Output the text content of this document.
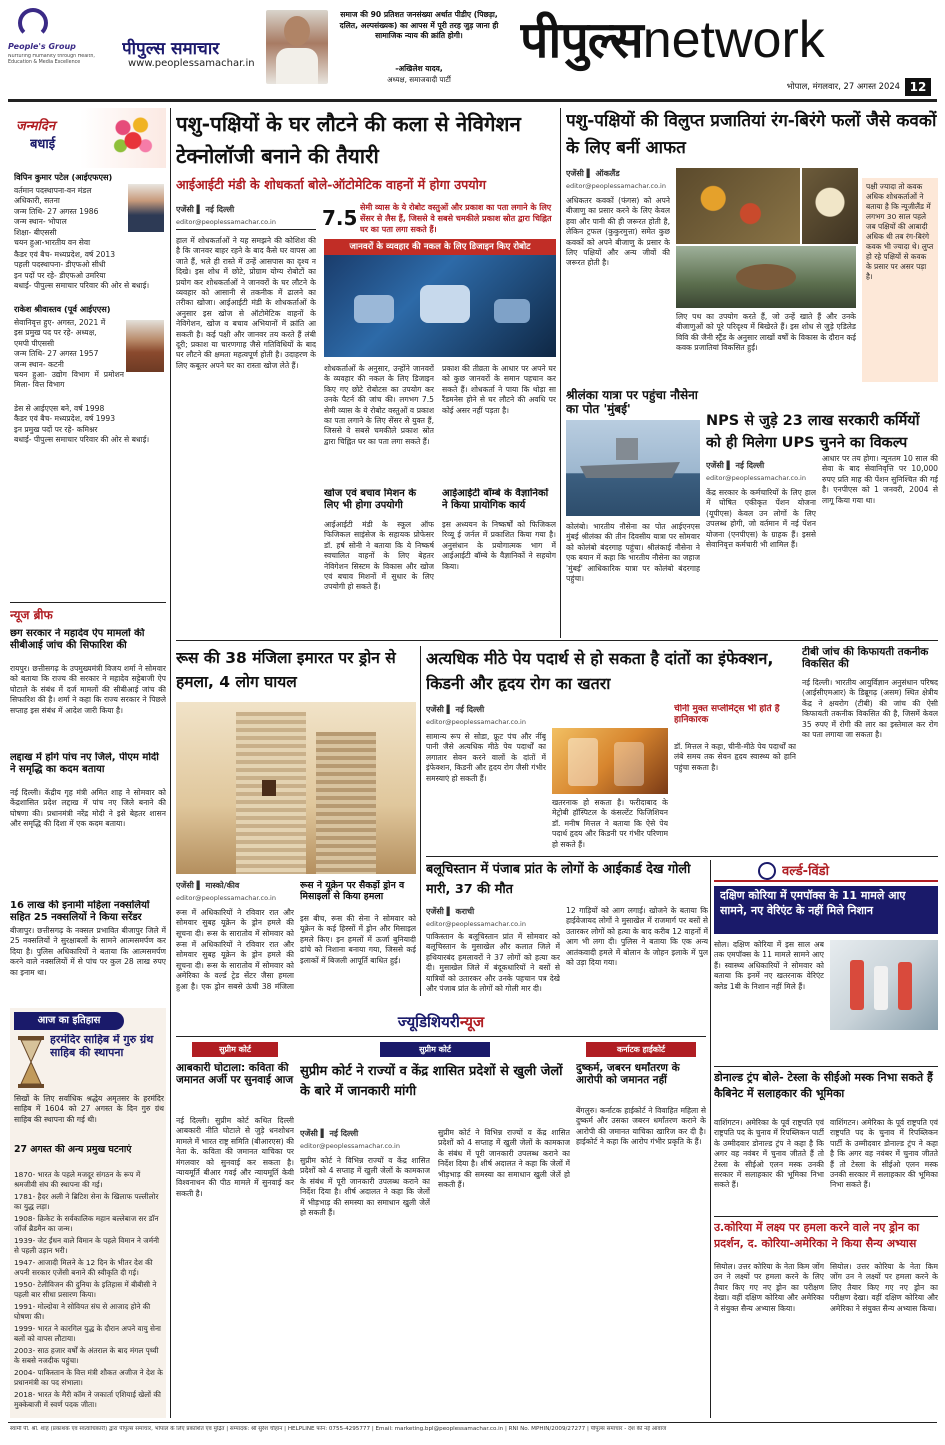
People's Group
Nurturing Humanity through Health, Education & Media Excellence
पीपुल्स समाचार
www.peoplessamachar.in
समाज की 90 प्रतिशत जनसंख्या अर्थात पीडीए (पिछड़ा, दलित, अल्पसंख्यक) का आपस में पूरी तरह जुड़ जाना ही सामाजिक न्याय की क्रांति होगी।
-अखिलेश यादव,
अध्यक्ष, समाजवादी पार्टी
पीपुल्सnetwork
भोपाल, मंगलवार, 27 अगस्त 2024 12
जन्मदिन
बधाई
विपिन कुमार पटेल (आईएफएस)
वर्तमान पदस्थापना-वन मंडल
अधिकारी, सतना
जन्म तिथि- 27 अगस्त 1986
जन्म स्थान- भोपाल
शिक्षा- बीएससी
चयन हुआ-भारतीय वन सेवा
कैडर एवं बैच- मध्यप्रदेश, वर्ष 2013
पहली पदस्थापना- डीएफओ सीधी
इन पदों पर रहे- डीएफओ उमरिया
बधाई- पीपुल्स समाचार परिवार की ओर से बधाई।
राकेश श्रीवास्तव (पूर्व आईएएस)
सेवानिवृत्त हुए- अगस्त, 2021 में
इस प्रमुख पद पर रहे- अध्यक्ष,
एमपी पीएससी
जन्म तिथि- 27 अगस्त 1957
जन्म स्थान- कटनी
चयन हुआ- उद्योग विभाग में प्रमोशन मिला- वित्त विभाग
डेस से आईएएस बने, वर्ष 1998
कैडर एवं बैच- मध्यप्रदेश, वर्ष 1993
इन प्रमुख पदों पर रहे- कमिश्नर
बधाई- पीपुल्स समाचार परिवार की ओर से बधाई।
न्यूज ब्रीफ
छग सरकार ने महादेव ऐप मामलों की सीबीआई जांच की सिफारिश की
रायपुर। छत्तीसगढ़ के उपमुख्यमंत्री विजय शर्मा ने सोमवार को बताया कि राज्य की सरकार ने महादेव सट्टेबाजी ऐप घोटाले के संबंध में दर्ज मामलों की सीबीआई जांच की सिफारिश की है। शर्मा ने कहा कि राज्य सरकार ने पिछले सप्ताह इस संबंध में आदेश जारी किया है।
लद्दाख में होंगे पांच नए जिले, पीएम मोदी ने समृद्धि का कदम बताया
नई दिल्ली। केंद्रीय गृह मंत्री अमित शाह ने सोमवार को केंद्रशासित प्रदेश लद्दाख में पांच नए जिले बनाने की घोषणा की। प्रधानमंत्री नरेंद्र मोदी ने इसे बेहतर शासन और समृद्धि की दिशा में एक कदम बताया।
16 लाख की इनामी महिला नक्सलियों सहित 25 नक्सलियों ने किया सरेंडर
बीजापुर। छत्तीसगढ़ के नक्सल प्रभावित बीजापुर जिले में 25 नक्सलियों ने सुरक्षाबलों के सामने आत्मसमर्पण कर दिया है। पुलिस अधिकारियों ने बताया कि आत्मसमर्पण करने वाले नक्सलियों में से पांच पर कुल 28 लाख रुपए का इनाम था।
आज का इतिहास
हरमंदिर साहिब में गुरु ग्रंथ साहिब की स्थापना
सिखों के लिए सर्वाधिक श्रद्धेय अमृतसर के हरमंदिर साहिब में 1604 को 27 अगस्त के दिन गुरु ग्रंथ साहिब की स्थापना की गई थी।
27 अगस्त की अन्य प्रमुख घटनाएं
1870- भारत के पहले मजदूर संगठन के रूप में श्रमजीवी संघ की स्थापना की गई।
1781- हैदर अली ने ब्रिटिश सेना के खिलाफ पल्लीलोर का युद्ध लड़ा।
1908- क्रिकेट के सर्वकालिक महान बल्लेबाज सर डॉन जॉर्ज ब्रैडमैन का जन्म।
1939- जेट ईंधन वाले विमान के पहले विमान ने जर्मनी से पहली उड़ान भरी।
1947- आजादी मिलने के 12 दिन के भीतर देश की अपनी सरकार एजेंसी बनाने की स्वीकृति दी गई।
1950- टेलीविजन की दुनिया के इतिहास में बीबीसी ने पहली बार सीधा प्रसारण किया।
1991- मोल्दोवा ने सोवियत संघ से आजाद होने की घोषणा की।
1999- भारत ने कारगिल युद्ध के दौरान अपने वायु सेना बलों को वापस लौटाया।
2003- साठ हजार वर्षों के अंतराल के बाद मंगल पृथ्वी के सबसे नजदीक पहुंचा।
2004- पाकिस्तान के वित्त मंत्री शौकत अजीज ने देश के प्रधानमंत्री का पद संभाला।
2018- भारत के मैरी कॉम ने जकार्ता एशियाई खेलों की मुक्केबाजी में स्वर्ण पदक जीता।
पशु-पक्षियों के घर लौटने की कला से नेविगेशन टेक्नोलॉजी बनाने की तैयारी
आईआईटी मंडी के शोधकर्ता बोले-ऑटोमेटिक वाहनों में होगा उपयोग
एजेंसी ▌ नई दिल्ली
editor@peoplessamachar.co.in	7.5 सेमी व्यास के ये रोबोट वस्तुओं और प्रकाश का पता लगाने के लिए सेंसर से लैस हैं, जिससे वे सबसे चमकीले प्रकाश स्रोत द्वारा चिह्नित घर का पता लगा सकते हैं।
जानवरों के व्यवहार की नकल के लिए डिजाइन किए रोबोट
हाल में शोधकर्ताओं ने यह समझने की कोशिश की है कि जानवर बाहर रहने के बाद कैसे घर वापस आ जाते हैं, भले ही रास्ते में उन्हें आसपास का दृश्य न दिखे। इस शोध में छोटे, प्रोग्राम योग्य रोबोटों का प्रयोग कर शोधकर्ताओं ने जानवरों के घर लौटने के व्यवहार को आसानी से तकनीक में ढालने का तरीका खोजा। आईआईटी मंडी के शोधकर्ताओं के अनुसार इस खोज से ऑटोमेटिक वाहनों के नेविगेशन, खोज व बचाव अभियानों में क्रांति आ सकती है। कई पक्षी और जानवर तय करते हैं लंबी दूरी; प्रकाश या चारणगाह जैसे गतिविधियों के बाद घर लौटने की क्षमता महत्वपूर्ण होती है। उदाहरण के लिए कबूतर अपने घर का रास्ता खोज लेते हैं।	शोधकर्ताओं के अनुसार, उन्होंने जानवरों के व्यवहार की नकल के लिए डिजाइन किए गए छोटे रोबोटस का उपयोग कर उनके पैटर्न की जांच की। लगभग 7.5 सेमी व्यास के ये रोबोट वस्तुओं व प्रकाश का पता लगाने के लिए सेंसर से युक्त हैं, जिससे वे सबसे चमकीले प्रकाश स्रोत द्वारा चिह्नित घर का पता लगा सकते हैं।
प्रकाश की तीव्रता के आधार पर अपने घर को कुछ जानवरों के समान पहचान कर सकते हैं। शोधकर्ता ने पाया कि थोड़ा सा रैंडमनेस होने से घर लौटने की अवधि पर कोई असर नहीं पड़ता है।
खोज एवं बचाव मिशन के लिए भी होगा उपयोगी
आईआईटी मंडी के स्कूल ऑफ फिजिकल साइंसेज के सहायक प्रोफेसर डॉ. हर्ष सोनी ने बताया कि ये निष्कर्ष स्वचालित वाहनों के लिए बेहतर नेविगेशन सिस्टम के विकास और खोज एवं बचाव मिशनों में सुधार के लिए उपयोगी हो सकते हैं।
आईआईटी बॉम्बे के वैज्ञानिकों ने किया प्रायोगिक कार्य
इस अध्ययन के निष्कर्षों को फिजिकल रिव्यू ई जर्नल में प्रकाशित किया गया है। अनुसंधान के प्रयोगात्मक भाग में आईआईटी बॉम्बे के वैज्ञानिकों ने सहयोग किया।
पशु-पक्षियों की विलुप्त प्रजातियां रंग-बिरंगे फलों जैसे कवकों के लिए बनीं आफत
एजेंसी ▌ ऑकलैंड
editor@peoplessamachar.co.in
अधिकतर कवकों (फंगस) को अपने बीजाणु का प्रसार करने के लिए केवल हवा और पानी की ही जरूरत होती है, लेकिन ट्रफल (कुकुरमुत्ता) समेत कुछ कवकों को अपने बीजाणु के प्रसार के लिए पक्षियों और अन्य जीवों की जरूरत होती है।
लिए पथ का उपयोग करते हैं, जो उन्हें खाते हैं और उनके बीजाणुओं को पूरे परिदृश्य में बिखेरते हैं। इस शोध से जुड़े एडिलेड विवि की जैनी स्ट्रैंड के अनुसार लाखों वर्षों के विकास के दौरान कई कवक प्रजातियां विकसित हुईं।
पक्षी ज्यादा तो कवक अधिक शोधकर्ताओं ने बताया है कि न्यूजीलैंड में लगभग 30 साल पहले जब पक्षियों की आबादी अधिक थी तब रंग-बिरंगे कवक भी ज्यादा थे। लुप्त हो रहे पक्षियों से कवक के प्रसार पर असर पड़ा है।
श्रीलंका यात्रा पर पहुंचा नौसेना का पोत 'मुंबई'
कोलंबो। भारतीय नौसेना का पोत आईएनएस मुंबई श्रीलंका की तीन दिवसीय यात्रा पर सोमवार को कोलंबो बंदरगाह पहुंचा। श्रीलंकाई नौसेना ने एक बयान में कहा कि भारतीय नौसेना का जहाज 'मुंबई' आधिकारिक यात्रा पर कोलंबो बंदरगाह पहुंचा।
NPS से जुड़े 23 लाख सरकारी कर्मियों को ही मिलेगा UPS चुनने का विकल्प
एजेंसी ▌ नई दिल्ली
editor@peoplessamachar.co.in
केंद्र सरकार के कर्मचारियों के लिए हाल में घोषित एकीकृत पेंशन योजना (यूपीएस) केवल उन लोगों के लिए उपलब्ध होगी, जो वर्तमान में नई पेंशन योजना (एनपीएस) के ग्राहक हैं। इससे सेवानिवृत्त कर्मचारी भी शामिल हैं।
आधार पर तय होगा। न्यूनतम 10 साल की सेवा के बाद सेवानिवृत्ति पर 10,000 रुपए प्रति माह की पेंशन सुनिश्चित की गई है। एनपीएस को 1 जनवरी, 2004 से लागू किया गया था।
रूस की 38 मंजिला इमारत पर ड्रोन से हमला, 4 लोग घायल
एजेंसी ▌ मास्को/कीव
editor@peoplessamachar.co.in
रूस में अधिकारियों ने रविवार रात और सोमवार सुबह यूक्रेन के ड्रोन हमले की सूचना दी। रूस के सारातोव में सोमवार को
रूस में अधिकारियों ने रविवार रात और सोमवार सुबह यूक्रेन के ड्रोन हमले की सूचना दी। रूस के सारातोव में सोमवार को अमेरिका के वर्ल्ड ट्रेड सेंटर जैसा हमला हुआ है। एक ड्रोन सबसे ऊंची 38 मंजिला
रूस ने यूक्रेन पर सैकड़ों ड्रोन व मिसाइलों से किया हमला
इस बीच, रूस की सेना ने सोमवार को यूक्रेन के कई हिस्सों में ड्रोन और मिसाइल हमले किए। इन हमलों में ऊर्जा बुनियादी ढांचे को निशाना बनाया गया, जिससे कई इलाकों में बिजली आपूर्ति बाधित हुई।
अत्यधिक मीठे पेय पदार्थ से हो सकता है दांतों का इंफेक्शन, किडनी और हृदय रोग का खतरा
एजेंसी ▌ नई दिल्ली
editor@peoplessamachar.co.in
चीनी मुक्त सप्लीमेंट्स भी होते हैं हानिकारक
सामान्य रूप से सोडा, फ्रूट पंच और नींबू पानी जैसे अत्यधिक मीठे पेय पदार्थों का लगातार सेवन करने वालों के दांतों में इंफेक्शन, किडनी और हृदय रोग जैसी गंभीर समस्याएं हो सकती हैं।
खतरनाक हो सकता है। फरीदाबाद के मेट्रोबी हॉस्पिटल के कंसल्टेंट फिजिशियन डॉ. मनीष मित्तल ने बताया कि ऐसे पेय पदार्थ हृदय और किडनी पर गंभीर परिणाम हो सकते हैं।
डॉ. मित्तल ने कहा, चीनी-मीठे पेय पदार्थों का लंबे समय तक सेवन हृदय स्वास्थ्य को हानि पहुंचा सकता है।
टीबी जांच की किफायती तकनीक विकसित की
नई दिल्ली। भारतीय आयुर्विज्ञान अनुसंधान परिषद (आईसीएमआर) के डिब्रूगढ़ (असम) स्थित क्षेत्रीय केंद्र ने क्षयरोग (टीबी) की जांच की ऐसी किफायती तकनीक विकसित की है, जिसमें केवल 35 रुपए में रोगी की लार का इस्तेमाल कर रोग का पता लगाया जा सकता है।
बलूचिस्तान में पंजाब प्रांत के लोगों के आईकार्ड देख गोली मारी, 37 की मौत
एजेंसी ▌ कराची
editor@peoplessamachar.co.in
पाकिस्तान के बलूचिस्तान प्रांत में सोमवार को बलूचिस्तान के मुसाखेल और कलात जिले में हथियारबंद हमलावरों ने 37 लोगों को हत्या कर दी। मुसाखेल जिले में बंदूकधारियों ने बसों से यात्रियों को उतारकर और उनके पहचान पत्र देखे और पंजाब प्रांत के लोगों को गोली मार दी।
12 गाड़ियों को आग लगाई। खोजने के बताया कि हाईवेजायद लोगों ने मुसाखेल में राजमार्ग पर बसों से उतारकर लोगों को हत्या के बाद करीब 12 वाहनों में आग भी लगा दी। पुलिस ने बताया कि एक अन्य आतंकवादी हमले में बोलान के जोहन इलाके में पुल को उड़ा दिया गया।
वर्ल्ड-विंडो
दक्षिण कोरिया में एमपॉक्स के 11 मामले आए सामने, नए वेरिएंट के नहीं मिले निशान
सोल। दक्षिण कोरिया में इस साल अब तक एमपॉक्स के 11 मामले सामने आए हैं। स्वास्थ्य अधिकारियों ने सोमवार को बताया कि इनमें नए खतरनाक वेरिएंट क्लेड 1बी के निशान नहीं मिले हैं।
डोनाल्ड ट्रंप बोले- टेस्ला के सीईओ मस्क निभा सकते हैं कैबिनेट में सलाहकार की भूमिका
वाशिंगटन। अमेरिका के पूर्व राष्ट्रपति एवं राष्ट्रपति पद के चुनाव में रिपब्लिकन पार्टी के उम्मीदवार डोनाल्ड ट्रंप ने कहा है कि अगर वह नवंबर में चुनाव जीतते हैं तो टेस्ला के सीईओ एलन मस्क उनकी सरकार में सलाहकार की भूमिका निभा सकते हैं।
वाशिंगटन। अमेरिका के पूर्व राष्ट्रपति एवं राष्ट्रपति पद के चुनाव में रिपब्लिकन पार्टी के उम्मीदवार डोनाल्ड ट्रंप ने कहा है कि अगर वह नवंबर में चुनाव जीतते हैं तो टेस्ला के सीईओ एलन मस्क उनकी सरकार में सलाहकार की भूमिका निभा सकते हैं।
उ.कोरिया में लक्ष्य पर हमला करने वाले नए ड्रोन का प्रदर्शन, द. कोरिया-अमेरिका ने किया सैन्य अभ्यास
सियोल। उत्तर कोरिया के नेता किम जोंग उन ने लक्ष्यों पर हमला करने के लिए तैयार किए गए नए ड्रोन का परीक्षण देखा। वहीं दक्षिण कोरिया और अमेरिका ने संयुक्त सैन्य अभ्यास किया।
सियोल। उत्तर कोरिया के नेता किम जोंग उन ने लक्ष्यों पर हमला करने के लिए तैयार किए गए नए ड्रोन का परीक्षण देखा। वहीं दक्षिण कोरिया और अमेरिका ने संयुक्त सैन्य अभ्यास किया।
ज्यूडिशियरीन्यूज
सुप्रीम कोर्ट
आबकारी घोटाला: कविता की जमानत अर्जी पर सुनवाई आज
नई दिल्ली। सुप्रीम कोर्ट कथित दिल्ली आबकारी नीति घोटाले से जुड़े धनशोधन मामले में भारत राष्ट्र समिति (बीआरएस) की नेता के. कविता की जमानत याचिका पर मंगलवार को सुनवाई कर सकता है। न्यायमूर्ति बीआर गवई और न्यायमूर्ति केवी विश्वनाथन की पीठ मामले में सुनवाई कर सकती है।
सुप्रीम कोर्ट
सुप्रीम कोर्ट ने राज्यों व केंद्र शासित प्रदेशों से खुली जेलों के बारे में जानकारी मांगी
एजेंसी ▌ नई दिल्ली
editor@peoplessamachar.co.in
सुप्रीम कोर्ट ने विभिन्न राज्यों व केंद्र शासित प्रदेशों को 4 सप्ताह में खुली जेलों के कामकाज के संबंध में पूरी जानकारी उपलब्ध कराने का निर्देश दिया है। शीर्ष अदालत ने कहा कि जेलों में भीड़भाड़ की समस्या का समाधान खुली जेलें हो सकती हैं।
सुप्रीम कोर्ट ने विभिन्न राज्यों व केंद्र शासित प्रदेशों को 4 सप्ताह में खुली जेलों के कामकाज के संबंध में पूरी जानकारी उपलब्ध कराने का निर्देश दिया है। शीर्ष अदालत ने कहा कि जेलों में भीड़भाड़ की समस्या का समाधान खुली जेलें हो सकती हैं।
कर्नाटक हाईकोर्ट
दुष्कर्म, जबरन धर्मांतरण के आरोपी को जमानत नहीं
बेंगलुरु। कर्नाटक हाईकोर्ट ने विवाहित महिला से दुष्कर्म और उसका जबरन धर्मांतरण कराने के आरोपी की जमानत याचिका खारिज कर दी है। हाईकोर्ट ने कहा कि आरोप गंभीर प्रकृति के हैं।
स्वामी पी. श्री. शाह (प्रकाशक एवं स्वत्वाधिकारी) द्वारा पीपुल्स समाचार, भोपाल के लिए प्रकाशित एवं मुद्रित | सम्पादक: श्री सुरेश चौहान | HELPLINE फोन: 0755-4295777 | Email: marketing.bpl@peoplessamachar.co.in | RNI No. MPHIN/2009/27277 | पीपुल्स समाचार - देश की नई आवाज
